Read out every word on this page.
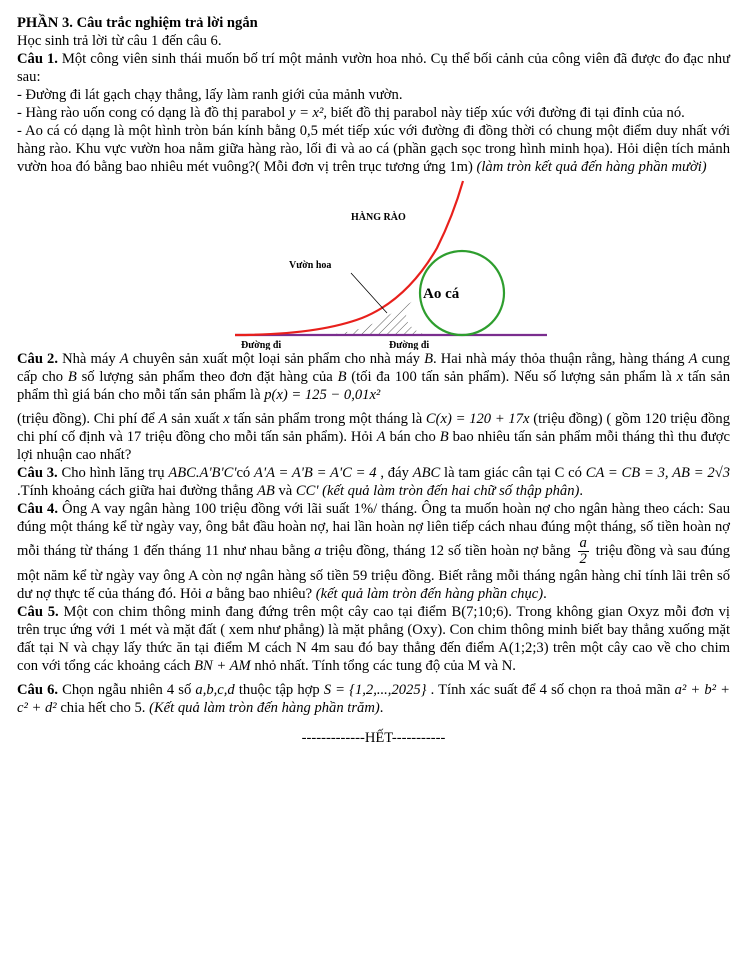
PHẦN 3. Câu trắc nghiệm trả lời ngắn

Học sinh trả lời từ câu 1 đến câu 6.

Câu 1. Một công viên sinh thái muốn bố trí một mảnh vườn hoa nhỏ. Cụ thể bối cảnh của công viên đã được đo đạc như sau:

- Đường đi lát gạch chạy thẳng, lấy làm ranh giới của mảnh vườn.

- Hàng rào uốn cong có dạng là đồ thị parabol y = x², biết đồ thị parabol này tiếp xúc với đường đi tại đỉnh của nó.

- Ao cá có dạng là một hình tròn bán kính bằng 0,5 mét tiếp xúc với đường đi đồng thời có chung một điểm duy nhất với hàng rào. Khu vực vườn hoa nằm giữa hàng rào, lối đi và ao cá (phần gạch sọc trong hình minh họa). Hỏi diện tích mảnh vườn hoa đó bằng bao nhiêu mét vuông?( Mỗi đơn vị trên trục tương ứng 1m) (làm tròn kết quả đến hàng phần mười)

HÀNG RÀO
Vườn hoa
Ao cá
Đường đi	Đường đi

Câu 2. Nhà máy A chuyên sản xuất một loại sản phẩm cho nhà máy B. Hai nhà máy thỏa thuận rằng, hàng tháng A cung cấp cho B số lượng sản phẩm theo đơn đặt hàng của B (tối đa 100 tấn sản phẩm). Nếu số lượng sản phẩm là x tấn sản phẩm thì giá bán cho mỗi tấn sản phẩm là p(x) = 125 − 0,01x²

(triệu đồng). Chi phí để A sản xuất x tấn sản phẩm trong một tháng là C(x) = 120 + 17x (triệu đồng) ( gồm 120 triệu đồng chi phí cố định và 17 triệu đồng cho mỗi tấn sản phẩm). Hỏi A bán cho B bao nhiêu tấn sản phẩm mỗi tháng thì thu được lợi nhuận cao nhất?

Câu 3. Cho hình lăng trụ ABC.A'B'C'có A'A = A'B = A'C = 4 , đáy ABC là tam giác cân tại C có CA = CB = 3, AB = 2√3 .Tính khoảng cách giữa hai đường thẳng AB và CC' (kết quả làm tròn đến hai chữ số thập phân).

Câu 4. Ông A vay ngân hàng 100 triệu đồng với lãi suất 1%/ tháng. Ông ta muốn hoàn nợ cho ngân hàng theo cách: Sau đúng một tháng kể từ ngày vay, ông bắt đầu hoàn nợ, hai lần hoàn nợ liên tiếp cách nhau đúng một tháng, số tiền hoàn nợ mỗi tháng từ tháng 1 đến tháng 11 như nhau bằng a triệu đồng, tháng 12 số tiền hoàn nợ bằng $\frac{a}{2}$ triệu đồng và sau đúng một năm kể từ ngày vay ông A còn nợ ngân hàng số tiền 59 triệu đồng. Biết rằng mỗi tháng ngân hàng chỉ tính lãi trên số dư nợ thực tế của tháng đó. Hỏi a bằng bao nhiêu? (kết quả làm tròn đến hàng phần chục).

Câu 5. Một con chim thông minh đang đứng trên một cây cao tại điểm B(7;10;6). Trong không gian Oxyz mỗi đơn vị trên trục ứng với 1 mét và mặt đất ( xem như phẳng) là mặt phẳng (Oxy). Con chim thông minh biết bay thẳng xuống mặt đất tại N và chạy lấy thức ăn tại điểm M cách N 4m sau đó bay thẳng đến điểm A(1;2;3) trên một cây cao về cho chim con với tổng các khoảng cách BN + AM nhỏ nhất. Tính tổng các tung độ của M và N.

Câu 6. Chọn ngẫu nhiên 4 số a,b,c,d thuộc tập hợp S = {1,2,...,2025} . Tính xác suất để 4 số chọn ra thoả mãn a² + b² + c² + d² chia hết cho 5. (Kết quả làm tròn đến hàng phần trăm).

-------------HẾT-----------
